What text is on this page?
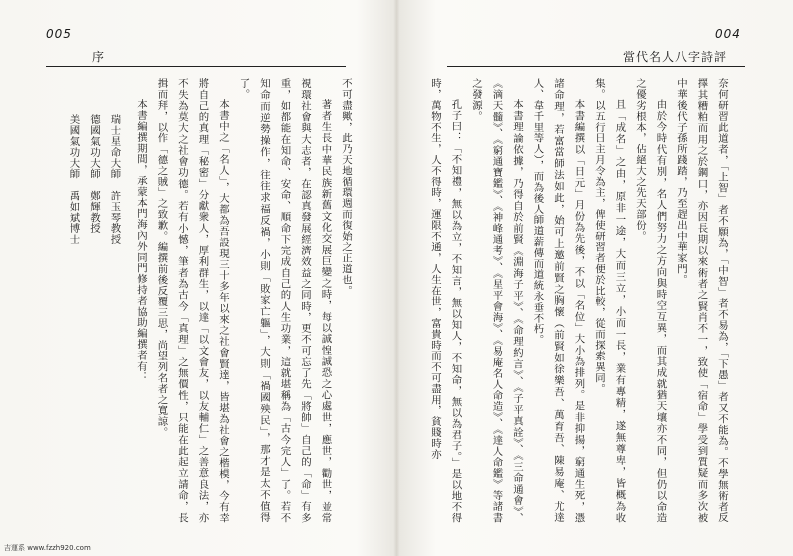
005
序

不可盡歟，此乃天地循環週而復始之正道也。

著者生長中華民族新舊文化交展巨變之時，每以誠惶誠恐之心處世，應世，勸世，並常視環社會與大志者，在認真發展經濟效益之同時，更不可忘了先「將帥」自己的「命」有多重，如都能在知命、安命、順命下完成自己的人生功業，這就堪稱為「古今完人」了。若不知命而逆勢操作，往往求福反禍，小則「敗家亡軀」，大則「禍國殃民」，那才是太不值得了。

本書中之「名人」，大都為吾設現三十多年以來之社會賢達，皆堪為社會之楷模，今有幸將自己的真理「秘密」分獻衆人，厚利群生，以達「以文會友，以友輔仁」之善意良法，亦不失為莫大之社會功德。若有小憾，筆者為古今「真理」之無價性，只能在此起立請命，長揖而拜，以作「德之賊」之致歉。編撰前後反覆三思，尚望列名者之寬諒。

本書編撰期間，承蒙本門海內外同門修持者協助編撰者有：

瑞士星命大師　許玉琴教授

德國氣功大師　鄭輝教授

美國氣功大師　禹如斌博士

004
當代名人八字詩評

奈何研習此道者，「上智」者不願為，「中智」者不易為，「下愚」者又不能為。不學無術者反擇其糟粕而用之於鋼口，亦因長期以來術者之賢肖不一，致使「宿命」學受到質疑而多次被中華後代子孫所踐踏，乃至趕出中華家門。

由於今時代有別，名人們努力之方向與時空互異，而其成就猶天壤亦不同，但仍以命造之優劣根本，佔絕大之先天部份。

且「成名」之由，原非一途，大而三立，小而一長，業有專精，遂無尊卑，皆概為收集。以五行日主月令為主，俾使研習者便於比較，從而探索異同。

本書編撰以「日元」月份為先後，不以「名位」大小為排列。是非抑揚，窮通生死，憑諸命理，若富當師法如此，始可上邀前賢之胸懷（前賢如徐樂吾、萬育吾、陳易庵、尤達人、韋千里等人），而為後人師道薪傳而道統永垂不朽。

本書理論依據，乃得自於前賢《淵海子平》、《命理約言》、《子平真詮》、《三命通會》、《滴天髓》、《窮通寶鑑》、《神峰通考》、《星平會海》、《易庵名人命造》、《達人命鑑》等諸書之發源。

孔子曰：「不知禮，無以為立，不知言，無以知人，不知命，無以為君子。」是以地不得時，萬物不生，人不得時，運限不通，人生在世，富貴時而不可盡用，貧賤時亦

吉運系 www.fzzh920.com
